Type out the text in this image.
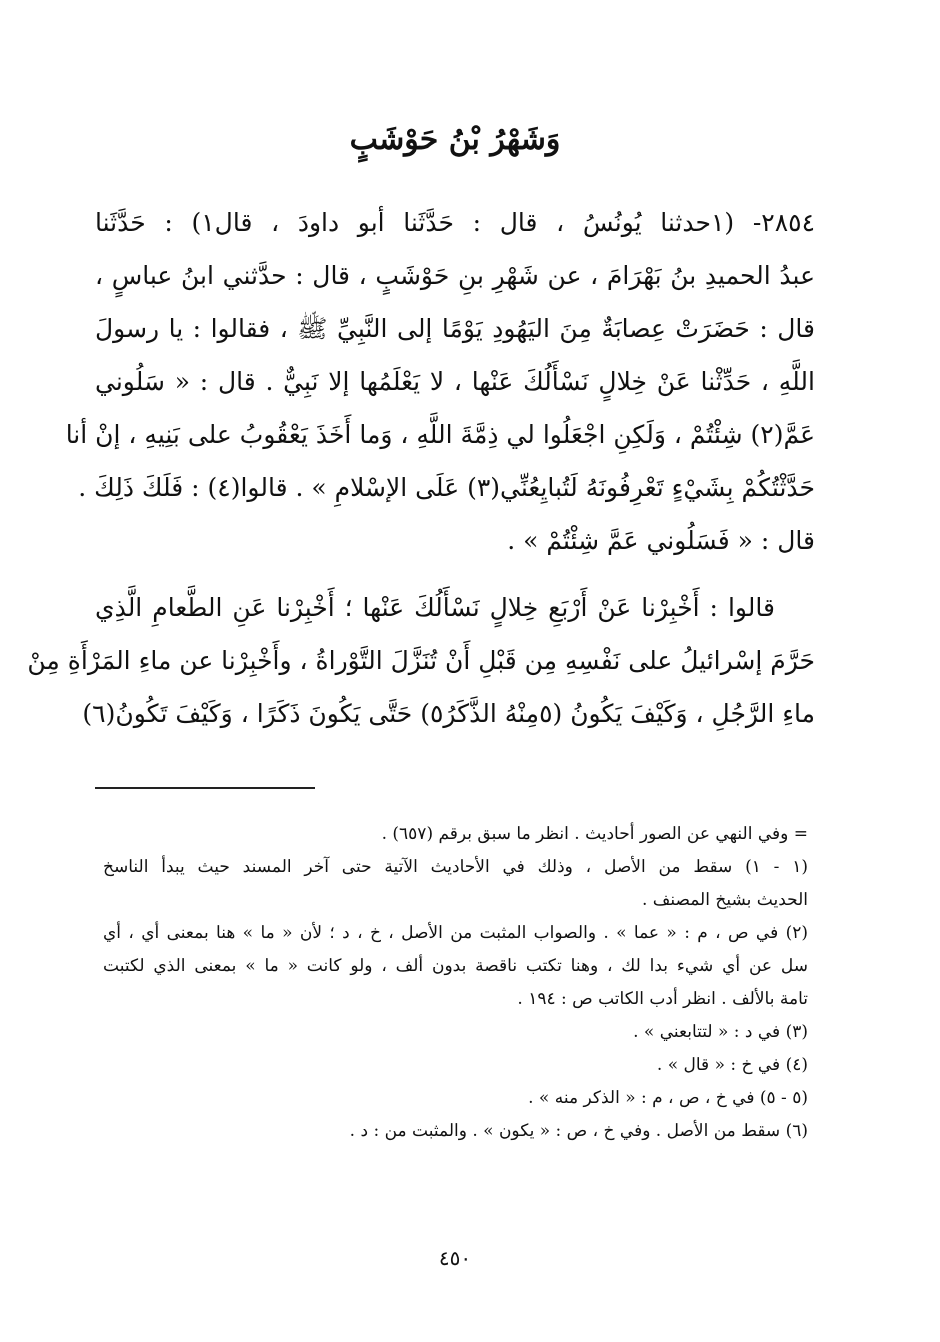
وَشَهْرُ بْنُ حَوْشَبٍ
٢٨٥٤- (١حدثنا يُونُسُ ، قال : حَدَّثَنا أبو داودَ ، قال١) : حَدَّثَنا
عبدُ الحميدِ بنُ بَهْرَامَ ، عن شَهْرِ بنِ حَوْشَبٍ ، قال : حدَّثني ابنُ عباسٍ ،
قال : حَضَرَتْ عِصابَةٌ مِنَ اليَهُودِ يَوْمًا إلى النَّبِيِّ ﷺ ، فقالوا : يا رسولَ
اللَّهِ ، حَدِّثْنا عَنْ خِلالٍ نَسْأَلُكَ عَنْها ، لا يَعْلَمُها إلا نَبِيٌّ . قال : « سَلُوني
عَمَّ(٢) شِئْتُمْ ، وَلَكِنِ اجْعَلُوا لي ذِمَّةَ اللَّهِ ، وَما أَخَذَ يَعْقُوبُ على بَنِيهِ ، إنْ أنا
حَدَّثْتُكُمْ بِشَيْءٍ تَعْرِفُونَهُ لَتُبايِعُنِّي(٣) عَلَى الإسْلامِ » . قالوا(٤) : فَلَكَ ذَلِكَ .
قال : « فَسَلُوني عَمَّ شِئْتُمْ » .
قالوا : أَخْبِرْنا عَنْ أَرْبَعِ خِلالٍ نَسْأَلُكَ عَنْها ؛ أَخْبِرْنا عَنِ الطَّعامِ الَّذِي
حَرَّمَ إسْرائيلُ على نَفْسِهِ مِن قَبْلِ أَنْ تُنَزَّلَ التَّوْراةُ ، وأَخْبِرْنا عن ماءِ المَرْأَةِ مِنْ
ماءِ الرَّجُلِ ، وَكَيْفَ يَكُونُ (٥مِنْهُ الذَّكَرُ٥) حَتَّى يَكُونَ ذَكَرًا ، وَكَيْفَ تَكُونُ(٦)
= وفي النهي عن الصور أحاديث . انظر ما سبق برقم (٦٥٧) .
(١ - ١) سقط من الأصل ، وذلك في الأحاديث الآتية حتى آخر المسند حيث يبدأ الناسخ
الحديث بشيخ المصنف .
(٢) في ص ، م : « عما » . والصواب المثبت من الأصل ، خ ، د ؛ لأن « ما » هنا بمعنى أي ، أي
سل عن أي شيء بدا لك ، وهنا تكتب ناقصة بدون ألف ، ولو كانت « ما » بمعنى الذي لكتبت
تامة بالألف . انظر أدب الكاتب ص : ١٩٤ .
(٣) في د : « لتتابعني » .
(٤) في خ : « قال » .
(٥ - ٥) في خ ، ص ، م : « الذكر منه » .
(٦) سقط من الأصل . وفي خ ، ص : « يكون » . والمثبت من : د .
٤٥٠
